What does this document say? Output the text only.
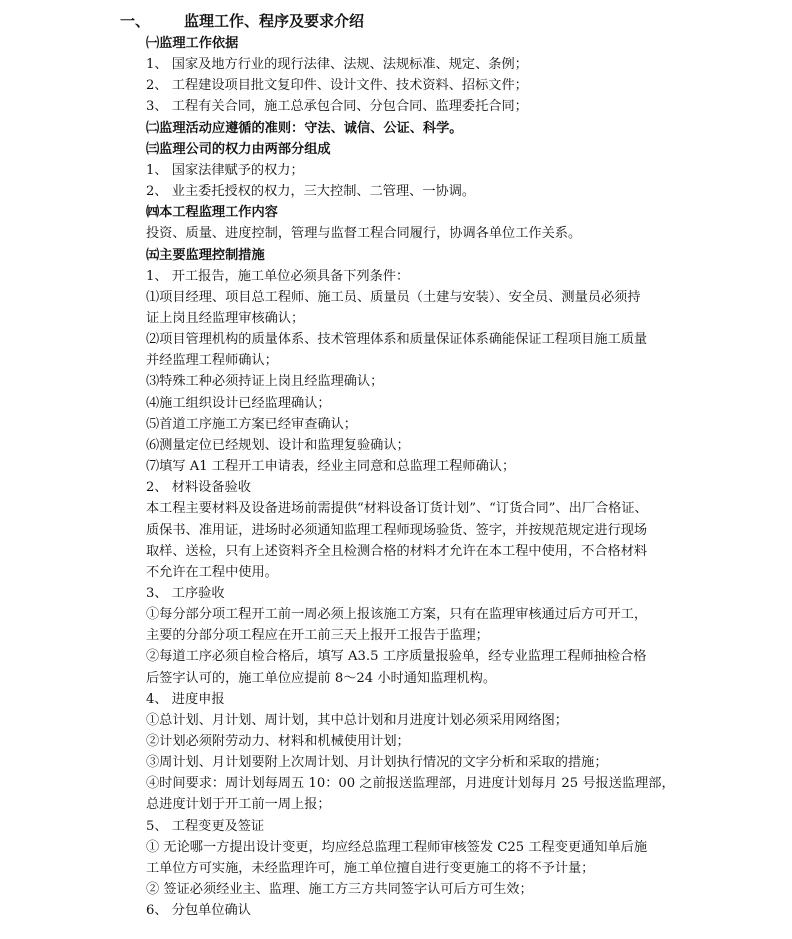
一、 监理工作、程序及要求介绍
㈠监理工作依据
1、 国家及地方行业的现行法律、法规、法规标准、规定、条例；
2、 工程建设项目批文复印件、设计文件、技术资料、招标文件；
3、 工程有关合同，施工总承包合同、分包合同、监理委托合同；
㈡监理活动应遵循的准则：守法、诚信、公证、科学。
㈢监理公司的权力由两部分组成
1、 国家法律赋予的权力；
2、 业主委托授权的权力，三大控制、二管理、一协调。
㈣本工程监理工作内容
投资、质量、进度控制，管理与监督工程合同履行，协调各单位工作关系。
㈤主要监理控制措施
1、 开工报告，施工单位必须具备下列条件：
⑴项目经理、项目总工程师、施工员、质量员（土建与安装）、安全员、测量员必须持
证上岗且经监理审核确认；
⑵项目管理机构的质量体系、技术管理体系和质量保证体系确能保证工程项目施工质量
并经监理工程师确认；
⑶特殊工种必须持证上岗且经监理确认；
⑷施工组织设计已经监理确认；
⑸首道工序施工方案已经审查确认；
⑹测量定位已经规划、设计和监理复验确认；
⑺填写 A1 工程开工申请表，经业主同意和总监理工程师确认；
2、 材料设备验收
本工程主要材料及设备进场前需提供“材料设备订货计划”、“订货合同”、出厂合格证、
质保书、准用证，进场时必须通知监理工程师现场验货、签字，并按规范规定进行现场
取样、送检，只有上述资料齐全且检测合格的材料才允许在本工程中使用，不合格材料
不允许在工程中使用。
3、 工序验收
①每分部分项工程开工前一周必须上报该施工方案，只有在监理审核通过后方可开工，
主要的分部分项工程应在开工前三天上报开工报告于监理；
②每道工序必须自检合格后，填写 A3.5 工序质量报验单，经专业监理工程师抽检合格
后签字认可的，施工单位应提前 8～24 小时通知监理机构。
4、 进度申报
①总计划、月计划、周计划，其中总计划和月进度计划必须采用网络图；
②计划必须附劳动力、材料和机械使用计划；
③周计划、月计划要附上次周计划、月计划执行情况的文字分析和采取的措施；
④时间要求：周计划每周五 10：00 之前报送监理部，月进度计划每月 25 号报送监理部，
总进度计划于开工前一周上报；
5、 工程变更及签证
① 无论哪一方提出设计变更，均应经总监理工程师审核签发 C25 工程变更通知单后施
工单位方可实施，未经监理许可，施工单位擅自进行变更施工的将不予计量；
② 签证必须经业主、监理、施工方三方共同签字认可后方可生效；
6、 分包单位确认
